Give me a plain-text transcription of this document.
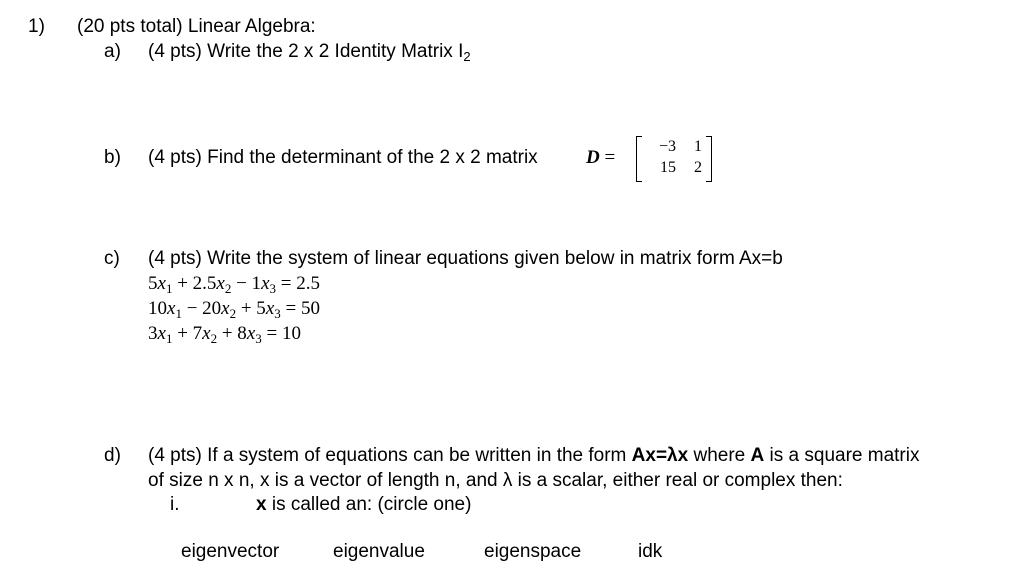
1) (20 pts total) Linear Algebra:
a) (4 pts) Write the 2 x 2 Identity Matrix $I_2$
b) (4 pts) Find the determinant of the 2 x 2 matrix	D =
−3	1
15	2
c) (4 pts) Write the system of linear equations given below in matrix form Ax=b
$5x_1 + 2.5x_2 - 1x_3 = 2.5$
$10x_1 - 20x_2 + 5x_3 = 50$
$3x_1 + 7x_2 + 8x_3 = 10$
d) (4 pts) If a system of equations can be written in the form Ax=λx where A is a square matrix
of size n x n, x is a vector of length n, and λ is a scalar, either real or complex then:
i.	x is called an: (circle one)
eigenvector	eigenvalue	eigenspace	idk
